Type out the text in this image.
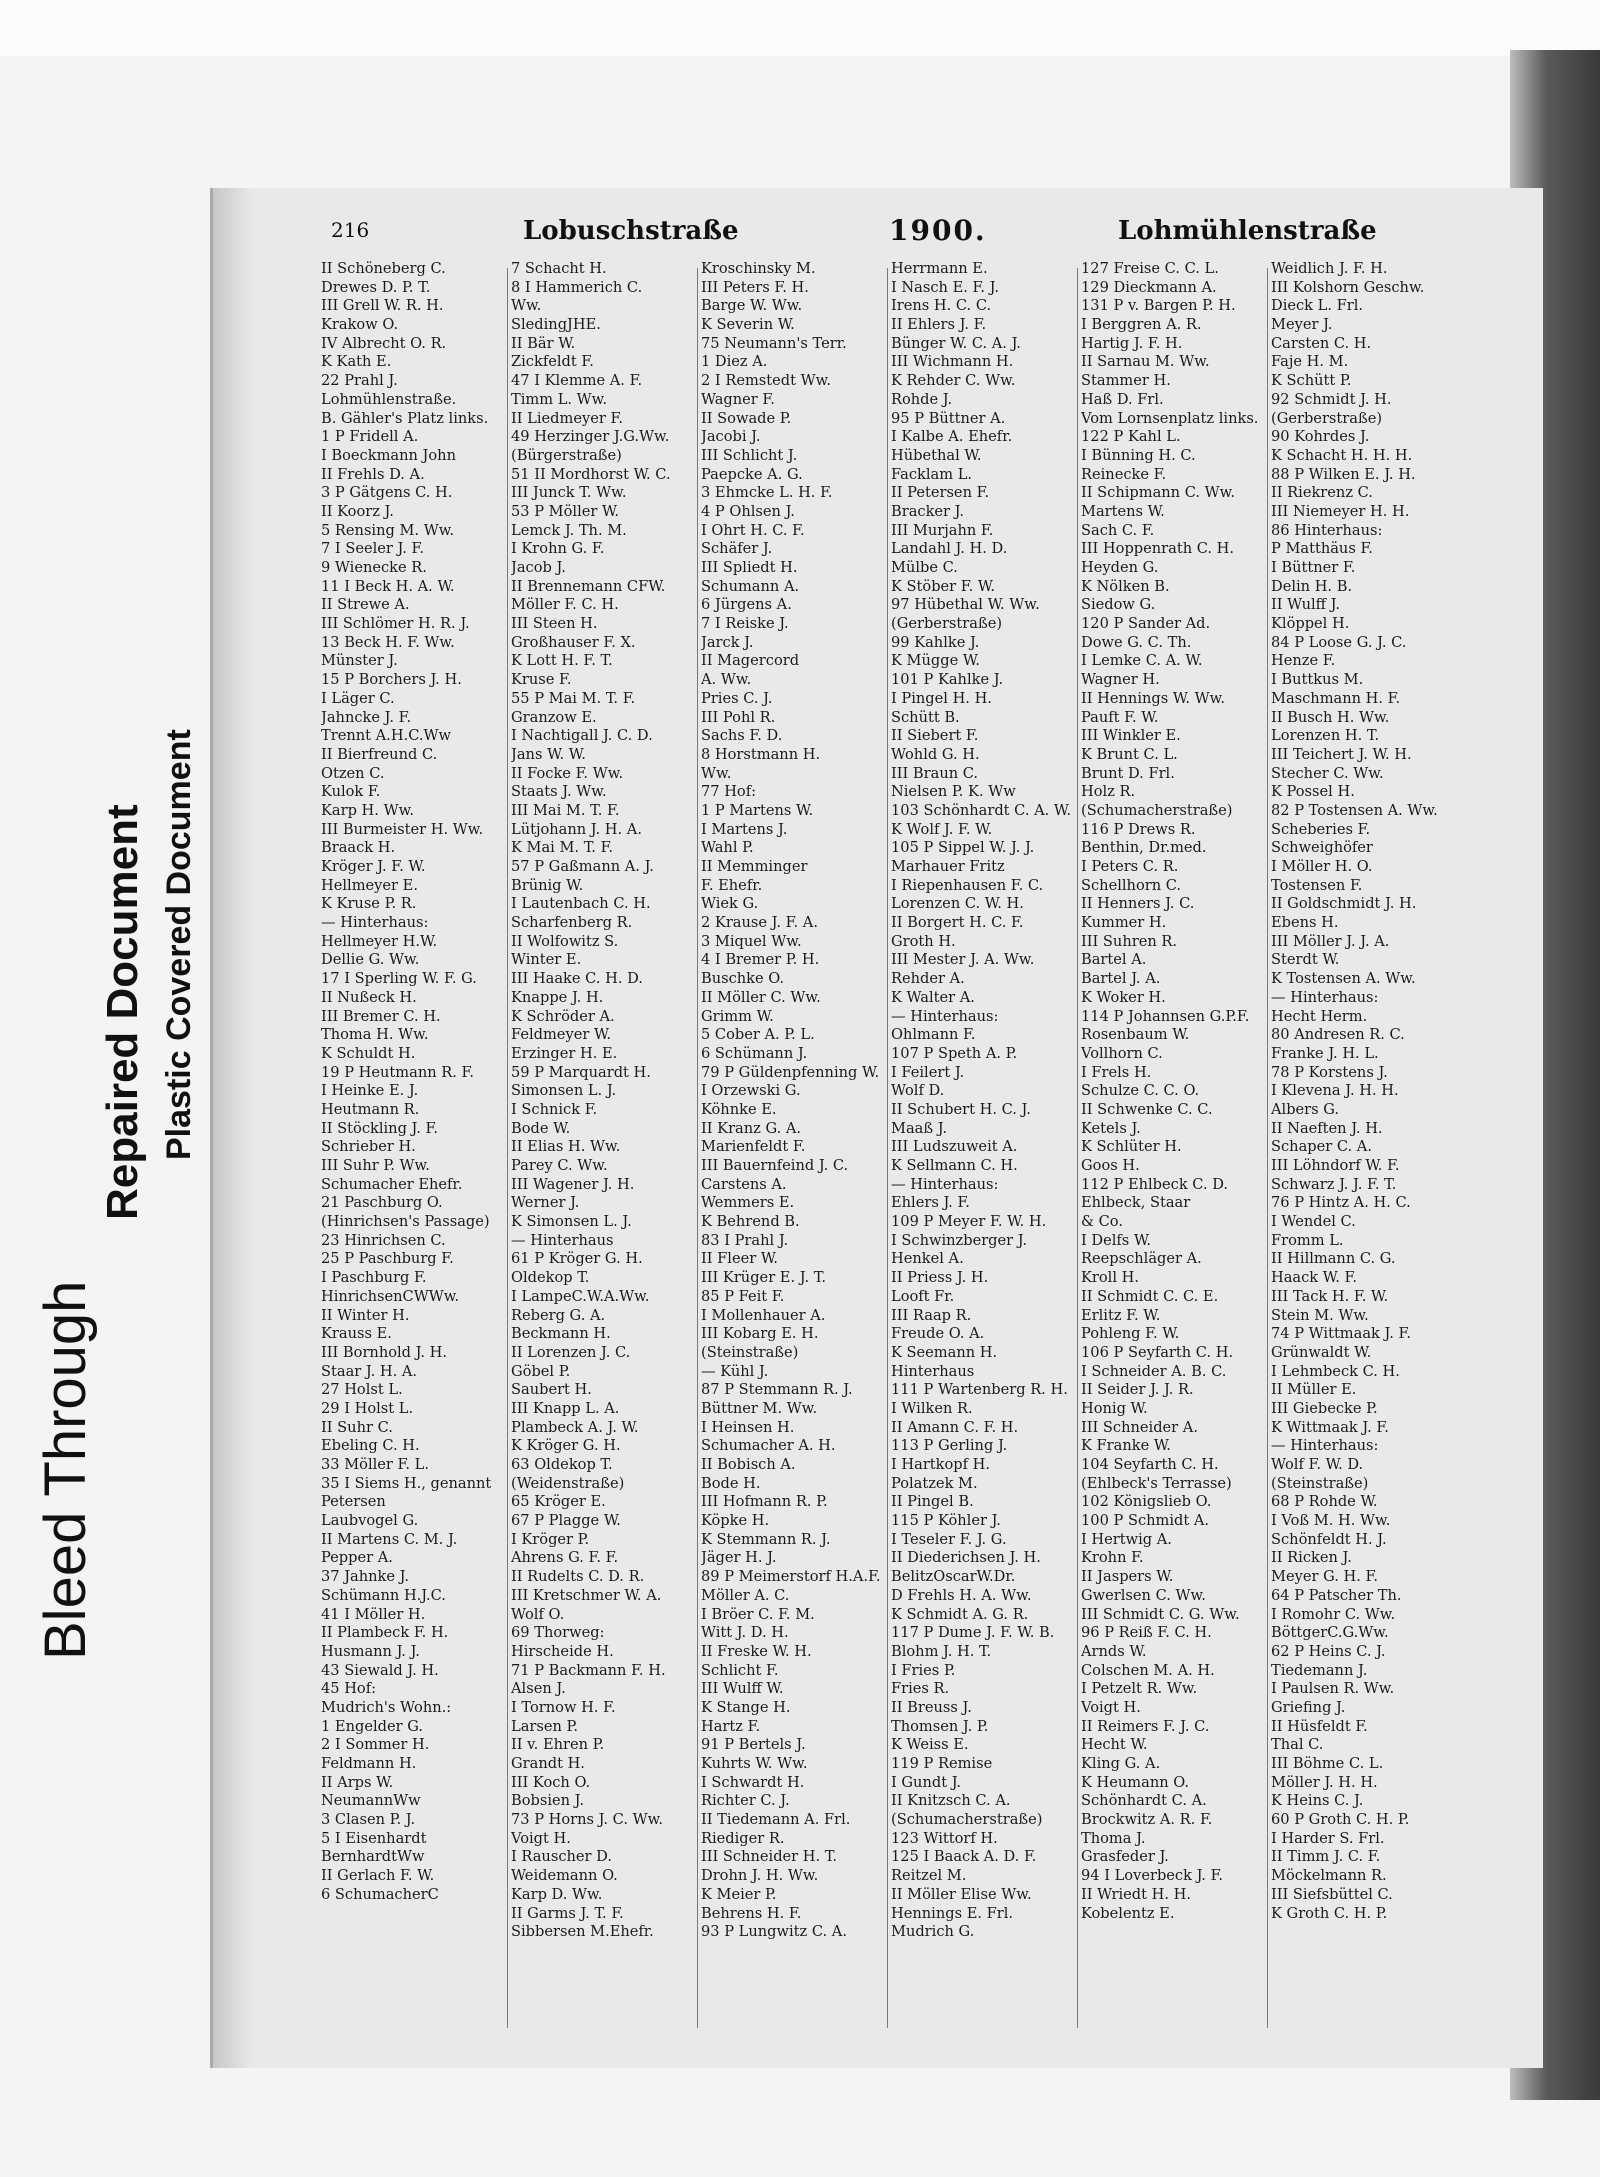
Bleed Through
Repaired Document Plastic Covered Document
216	Lobuschstraße	1900.	Lohmühlenstraße
II Schöneberg C.
Drewes D. P. T.
III Grell W. R. H.
Krakow O.
IV Albrecht O. R.
K Kath E.
22 Prahl J.
Lohmühlenstraße.
B. Gähler's Platz links.
1 P Fridell A.
I Boeckmann John
II Frehls D. A.
3 P Gätgens C. H.
II Koorz J.
5 Rensing M. Ww.
7 I Seeler J. F.
9 Wienecke R.
11 I Beck H. A. W.
II Strewe A.
III Schlömer H. R. J.
13 Beck H. F. Ww.
Münster J.
15 P Borchers J. H.
I Läger C.
Jahncke J. F.
Trennt A.H.C.Ww
II Bierfreund C.
Otzen C.
Kulok F.
Karp H. Ww.
III Burmeister H. Ww.
Braack H.
Kröger J. F. W.
Hellmeyer E.
K Kruse P. R.
— Hinterhaus:
Hellmeyer H.W.
Dellie G. Ww.
17 I Sperling W. F. G.
II Nußeck H.
III Bremer C. H.
Thoma H. Ww.
K Schuldt H.
19 P Heutmann R. F.
I Heinke E. J.
Heutmann R.
II Stöckling J. F.
Schrieber H.
III Suhr P. Ww.
Schumacher Ehefr.
21 Paschburg O.
(Hinrichsen's Passage)
23 Hinrichsen C.
25 P Paschburg F.
I Paschburg F.
HinrichsenCWWw.
II Winter H.
Krauss E.
III Bornhold J. H.
Staar J. H. A.
27 Holst L.
29 I Holst L.
II Suhr C.
Ebeling C. H.
33 Möller F. L.
35 I Siems H., genannt
Petersen
Laubvogel G.
II Martens C. M. J.
Pepper A.
37 Jahnke J.
Schümann H.J.C.
41 I Möller H.
II Plambeck F. H.
Husmann J. J.
43 Siewald J. H.
45 Hof:
Mudrich's Wohn.:
1 Engelder G.
2 I Sommer H.
Feldmann H.
II Arps W.
NeumannWw
3 Clasen P. J.
5 I Eisenhardt
BernhardtWw
II Gerlach F. W.
6 SchumacherC
7 Schacht H.
8 I Hammerich C.
Ww.
SledingJHE.
II Bär W.
Zickfeldt F.
47 I Klemme A. F.
Timm L. Ww.
II Liedmeyer F.
49 Herzinger J.G.Ww.
(Bürgerstraße)
51 II Mordhorst W. C.
III Junck T. Ww.
53 P Möller W.
Lemck J. Th. M.
I Krohn G. F.
Jacob J.
II Brennemann CFW.
Möller F. C. H.
III Steen H.
Großhauser F. X.
K Lott H. F. T.
Kruse F.
55 P Mai M. T. F.
Granzow E.
I Nachtigall J. C. D.
Jans W. W.
II Focke F. Ww.
Staats J. Ww.
III Mai M. T. F.
Lütjohann J. H. A.
K Mai M. T. F.
57 P Gaßmann A. J.
Brünig W.
I Lautenbach C. H.
Scharfenberg R.
II Wolfowitz S.
Winter E.
III Haake C. H. D.
Knappe J. H.
K Schröder A.
Feldmeyer W.
Erzinger H. E.
59 P Marquardt H.
Simonsen L. J.
I Schnick F.
Bode W.
II Elias H. Ww.
Parey C. Ww.
III Wagener J. H.
Werner J.
K Simonsen L. J.
— Hinterhaus
61 P Kröger G. H.
Oldekop T.
I LampeC.W.A.Ww.
Reberg G. A.
Beckmann H.
II Lorenzen J. C.
Göbel P.
Saubert H.
III Knapp L. A.
Plambeck A. J. W.
K Kröger G. H.
63 Oldekop T.
(Weidenstraße)
65 Kröger E.
67 P Plagge W.
I Kröger P.
Ahrens G. F. F.
II Rudelts C. D. R.
III Kretschmer W. A.
Wolf O.
69 Thorweg:
Hirscheide H.
71 P Backmann F. H.
Alsen J.
I Tornow H. F.
Larsen P.
II v. Ehren P.
Grandt H.
III Koch O.
Bobsien J.
73 P Horns J. C. Ww.
Voigt H.
I Rauscher D.
Weidemann O.
Karp D. Ww.
II Garms J. T. F.
Sibbersen M.Ehefr.
Kroschinsky M.
III Peters F. H.
Barge W. Ww.
K Severin W.
75 Neumann's Terr.
1 Diez A.
2 I Remstedt Ww.
Wagner F.
II Sowade P.
Jacobi J.
III Schlicht J.
Paepcke A. G.
3 Ehmcke L. H. F.
4 P Ohlsen J.
I Ohrt H. C. F.
Schäfer J.
III Spliedt H.
Schumann A.
6 Jürgens A.
7 I Reiske J.
Jarck J.
II Magercord
A. Ww.
Pries C. J.
III Pohl R.
Sachs F. D.
8 Horstmann H.
Ww.
77 Hof:
1 P Martens W.
I Martens J.
Wahl P.
II Memminger
F. Ehefr.
Wiek G.
2 Krause J. F. A.
3 Miquel Ww.
4 I Bremer P. H.
Buschke O.
II Möller C. Ww.
Grimm W.
5 Cober A. P. L.
6 Schümann J.
79 P Güldenpfenning W.
I Orzewski G.
Köhnke E.
II Kranz G. A.
Marienfeldt F.
III Bauernfeind J. C.
Carstens A.
Wemmers E.
K Behrend B.
83 I Prahl J.
II Fleer W.
III Krüger E. J. T.
85 P Feit F.
I Mollenhauer A.
III Kobarg E. H.
(Steinstraße)
— Kühl J.
87 P Stemmann R. J.
Büttner M. Ww.
I Heinsen H.
Schumacher A. H.
II Bobisch A.
Bode H.
III Hofmann R. P.
Köpke H.
K Stemmann R. J.
Jäger H. J.
89 P Meimerstorf H.A.F.
Möller A. C.
I Bröer C. F. M.
Witt J. D. H.
II Freske W. H.
Schlicht F.
III Wulff W.
K Stange H.
Hartz F.
91 P Bertels J.
Kuhrts W. Ww.
I Schwardt H.
Richter C. J.
II Tiedemann A. Frl.
Riediger R.
III Schneider H. T.
Drohn J. H. Ww.
K Meier P.
Behrens H. F.
93 P Lungwitz C. A.
Herrmann E.
I Nasch E. F. J.
Irens H. C. C.
II Ehlers J. F.
Bünger W. C. A. J.
III Wichmann H.
K Rehder C. Ww.
Rohde J.
95 P Büttner A.
I Kalbe A. Ehefr.
Hübethal W.
Facklam L.
II Petersen F.
Bracker J.
III Murjahn F.
Landahl J. H. D.
Mülbe C.
K Stöber F. W.
97 Hübethal W. Ww.
(Gerberstraße)
99 Kahlke J.
K Mügge W.
101 P Kahlke J.
I Pingel H. H.
Schütt B.
II Siebert F.
Wohld G. H.
III Braun C.
Nielsen P. K. Ww
103 Schönhardt C. A. W.
K Wolf J. F. W.
105 P Sippel W. J. J.
Marhauer Fritz
I Riepenhausen F. C.
Lorenzen C. W. H.
II Borgert H. C. F.
Groth H.
III Mester J. A. Ww.
Rehder A.
K Walter A.
— Hinterhaus:
Ohlmann F.
107 P Speth A. P.
I Feilert J.
Wolf D.
II Schubert H. C. J.
Maaß J.
III Ludszuweit A.
K Sellmann C. H.
— Hinterhaus:
Ehlers J. F.
109 P Meyer F. W. H.
I Schwinzberger J.
Henkel A.
II Priess J. H.
Looft Fr.
III Raap R.
Freude O. A.
K Seemann H.
Hinterhaus
111 P Wartenberg R. H.
I Wilken R.
II Amann C. F. H.
113 P Gerling J.
I Hartkopf H.
Polatzek M.
II Pingel B.
115 P Köhler J.
I Teseler F. J. G.
II Diederichsen J. H.
BelitzOscarW.Dr.
D Frehls H. A. Ww.
K Schmidt A. G. R.
117 P Dume J. F. W. B.
Blohm J. H. T.
I Fries P.
Fries R.
II Breuss J.
Thomsen J. P.
K Weiss E.
119 P Remise
I Gundt J.
II Knitzsch C. A.
(Schumacherstraße)
123 Wittorf H.
125 I Baack A. D. F.
Reitzel M.
II Möller Elise Ww.
Hennings E. Frl.
Mudrich G.
127 Freise C. C. L.
129 Dieckmann A.
131 P v. Bargen P. H.
I Berggren A. R.
Hartig J. F. H.
II Sarnau M. Ww.
Stammer H.
Haß D. Frl.
Vom Lornsenplatz links.
122 P Kahl L.
I Bünning H. C.
Reinecke F.
II Schipmann C. Ww.
Martens W.
Sach C. F.
III Hoppenrath C. H.
Heyden G.
K Nölken B.
Siedow G.
120 P Sander Ad.
Dowe G. C. Th.
I Lemke C. A. W.
Wagner H.
II Hennings W. Ww.
Pauft F. W.
III Winkler E.
K Brunt C. L.
Brunt D. Frl.
Holz R.
(Schumacherstraße)
116 P Drews R.
Benthin, Dr.med.
I Peters C. R.
Schellhorn C.
II Henners J. C.
Kummer H.
III Suhren R.
Bartel A.
Bartel J. A.
K Woker H.
114 P Johannsen G.P.F.
Rosenbaum W.
Vollhorn C.
I Frels H.
Schulze C. C. O.
II Schwenke C. C.
Ketels J.
K Schlüter H.
Goos H.
112 P Ehlbeck C. D.
Ehlbeck, Staar
& Co.
I Delfs W.
Reepschläger A.
Kroll H.
II Schmidt C. C. E.
Erlitz F. W.
Pohleng F. W.
106 P Seyfarth C. H.
I Schneider A. B. C.
II Seider J. J. R.
Honig W.
III Schneider A.
K Franke W.
104 Seyfarth C. H.
(Ehlbeck's Terrasse)
102 Königslieb O.
100 P Schmidt A.
I Hertwig A.
Krohn F.
II Jaspers W.
Gwerlsen C. Ww.
III Schmidt C. G. Ww.
96 P Reiß F. C. H.
Arnds W.
Colschen M. A. H.
I Petzelt R. Ww.
Voigt H.
II Reimers F. J. C.
Hecht W.
Kling G. A.
K Heumann O.
Schönhardt C. A.
Brockwitz A. R. F.
Thoma J.
Grasfeder J.
94 I Loverbeck J. F.
II Wriedt H. H.
Kobelentz E.
Weidlich J. F. H.
III Kolshorn Geschw.
Dieck L. Frl.
Meyer J.
Carsten C. H.
Faje H. M.
K Schütt P.
92 Schmidt J. H.
(Gerberstraße)
90 Kohrdes J.
K Schacht H. H. H.
88 P Wilken E. J. H.
II Riekrenz C.
III Niemeyer H. H.
86 Hinterhaus:
P Matthäus F.
I Büttner F.
Delin H. B.
II Wulff J.
Klöppel H.
84 P Loose G. J. C.
Henze F.
I Buttkus M.
Maschmann H. F.
II Busch H. Ww.
Lorenzen H. T.
III Teichert J. W. H.
Stecher C. Ww.
K Possel H.
82 P Tostensen A. Ww.
Scheberies F.
Schweighöfer
I Möller H. O.
Tostensen F.
II Goldschmidt J. H.
Ebens H.
III Möller J. J. A.
Sterdt W.
K Tostensen A. Ww.
— Hinterhaus:
Hecht Herm.
80 Andresen R. C.
Franke J. H. L.
78 P Korstens J.
I Klevena J. H. H.
Albers G.
II Naeften J. H.
Schaper C. A.
III Löhndorf W. F.
Schwarz J. J. F. T.
76 P Hintz A. H. C.
I Wendel C.
Fromm L.
II Hillmann C. G.
Haack W. F.
III Tack H. F. W.
Stein M. Ww.
74 P Wittmaak J. F.
Grünwaldt W.
I Lehmbeck C. H.
II Müller E.
III Giebecke P.
K Wittmaak J. F.
— Hinterhaus:
Wolf F. W. D.
(Steinstraße)
68 P Rohde W.
I Voß M. H. Ww.
Schönfeldt H. J.
II Ricken J.
Meyer G. H. F.
64 P Patscher Th.
I Romohr C. Ww.
BöttgerC.G.Ww.
62 P Heins C. J.
Tiedemann J.
I Paulsen R. Ww.
Griefing J.
II Hüsfeldt F.
Thal C.
III Böhme C. L.
Möller J. H. H.
K Heins C. J.
60 P Groth C. H. P.
I Harder S. Frl.
II Timm J. C. F.
Möckelmann R.
III Siefsbüttel C.
K Groth C. H. P.
